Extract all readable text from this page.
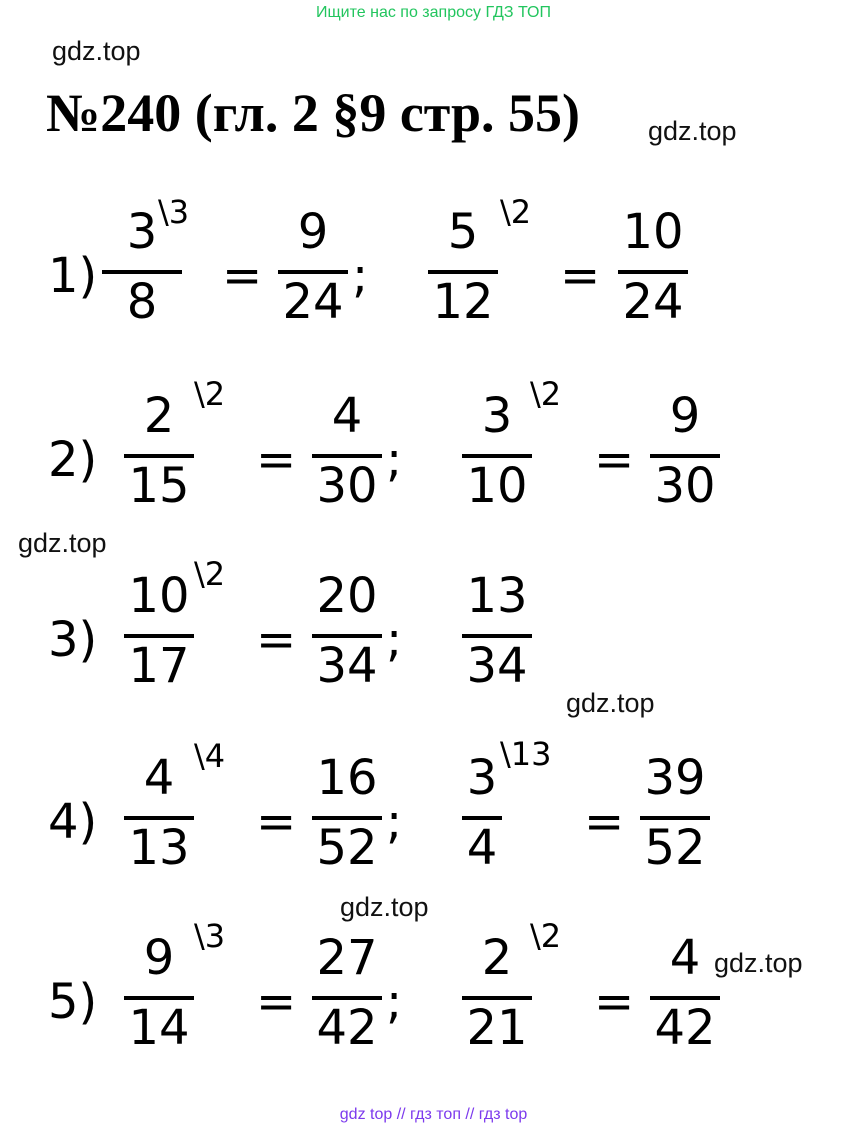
Ищите нас по запросу ГДЗ ТОП
gdz.top
№240 (гл. 2 §9 стр. 55)	gdz.top
1)
3
8
\3
=
9
24 ;
5
12
\2
=
10
24
2)
2
15
\2
=
4
30 ;
3
10
\2
=
9
30
gdz.top
3)
10
17
\2
=
20
34 ;
13
34
gdz.top
4)
4
13
\4
=
16
52 ;
3
4
\13
=
39
52
gdz.top
5)
9
14
\3
=
27
42 ;
2
21
\2
=
4
42
gdz.top
gdz top // гдз топ // гдз top
